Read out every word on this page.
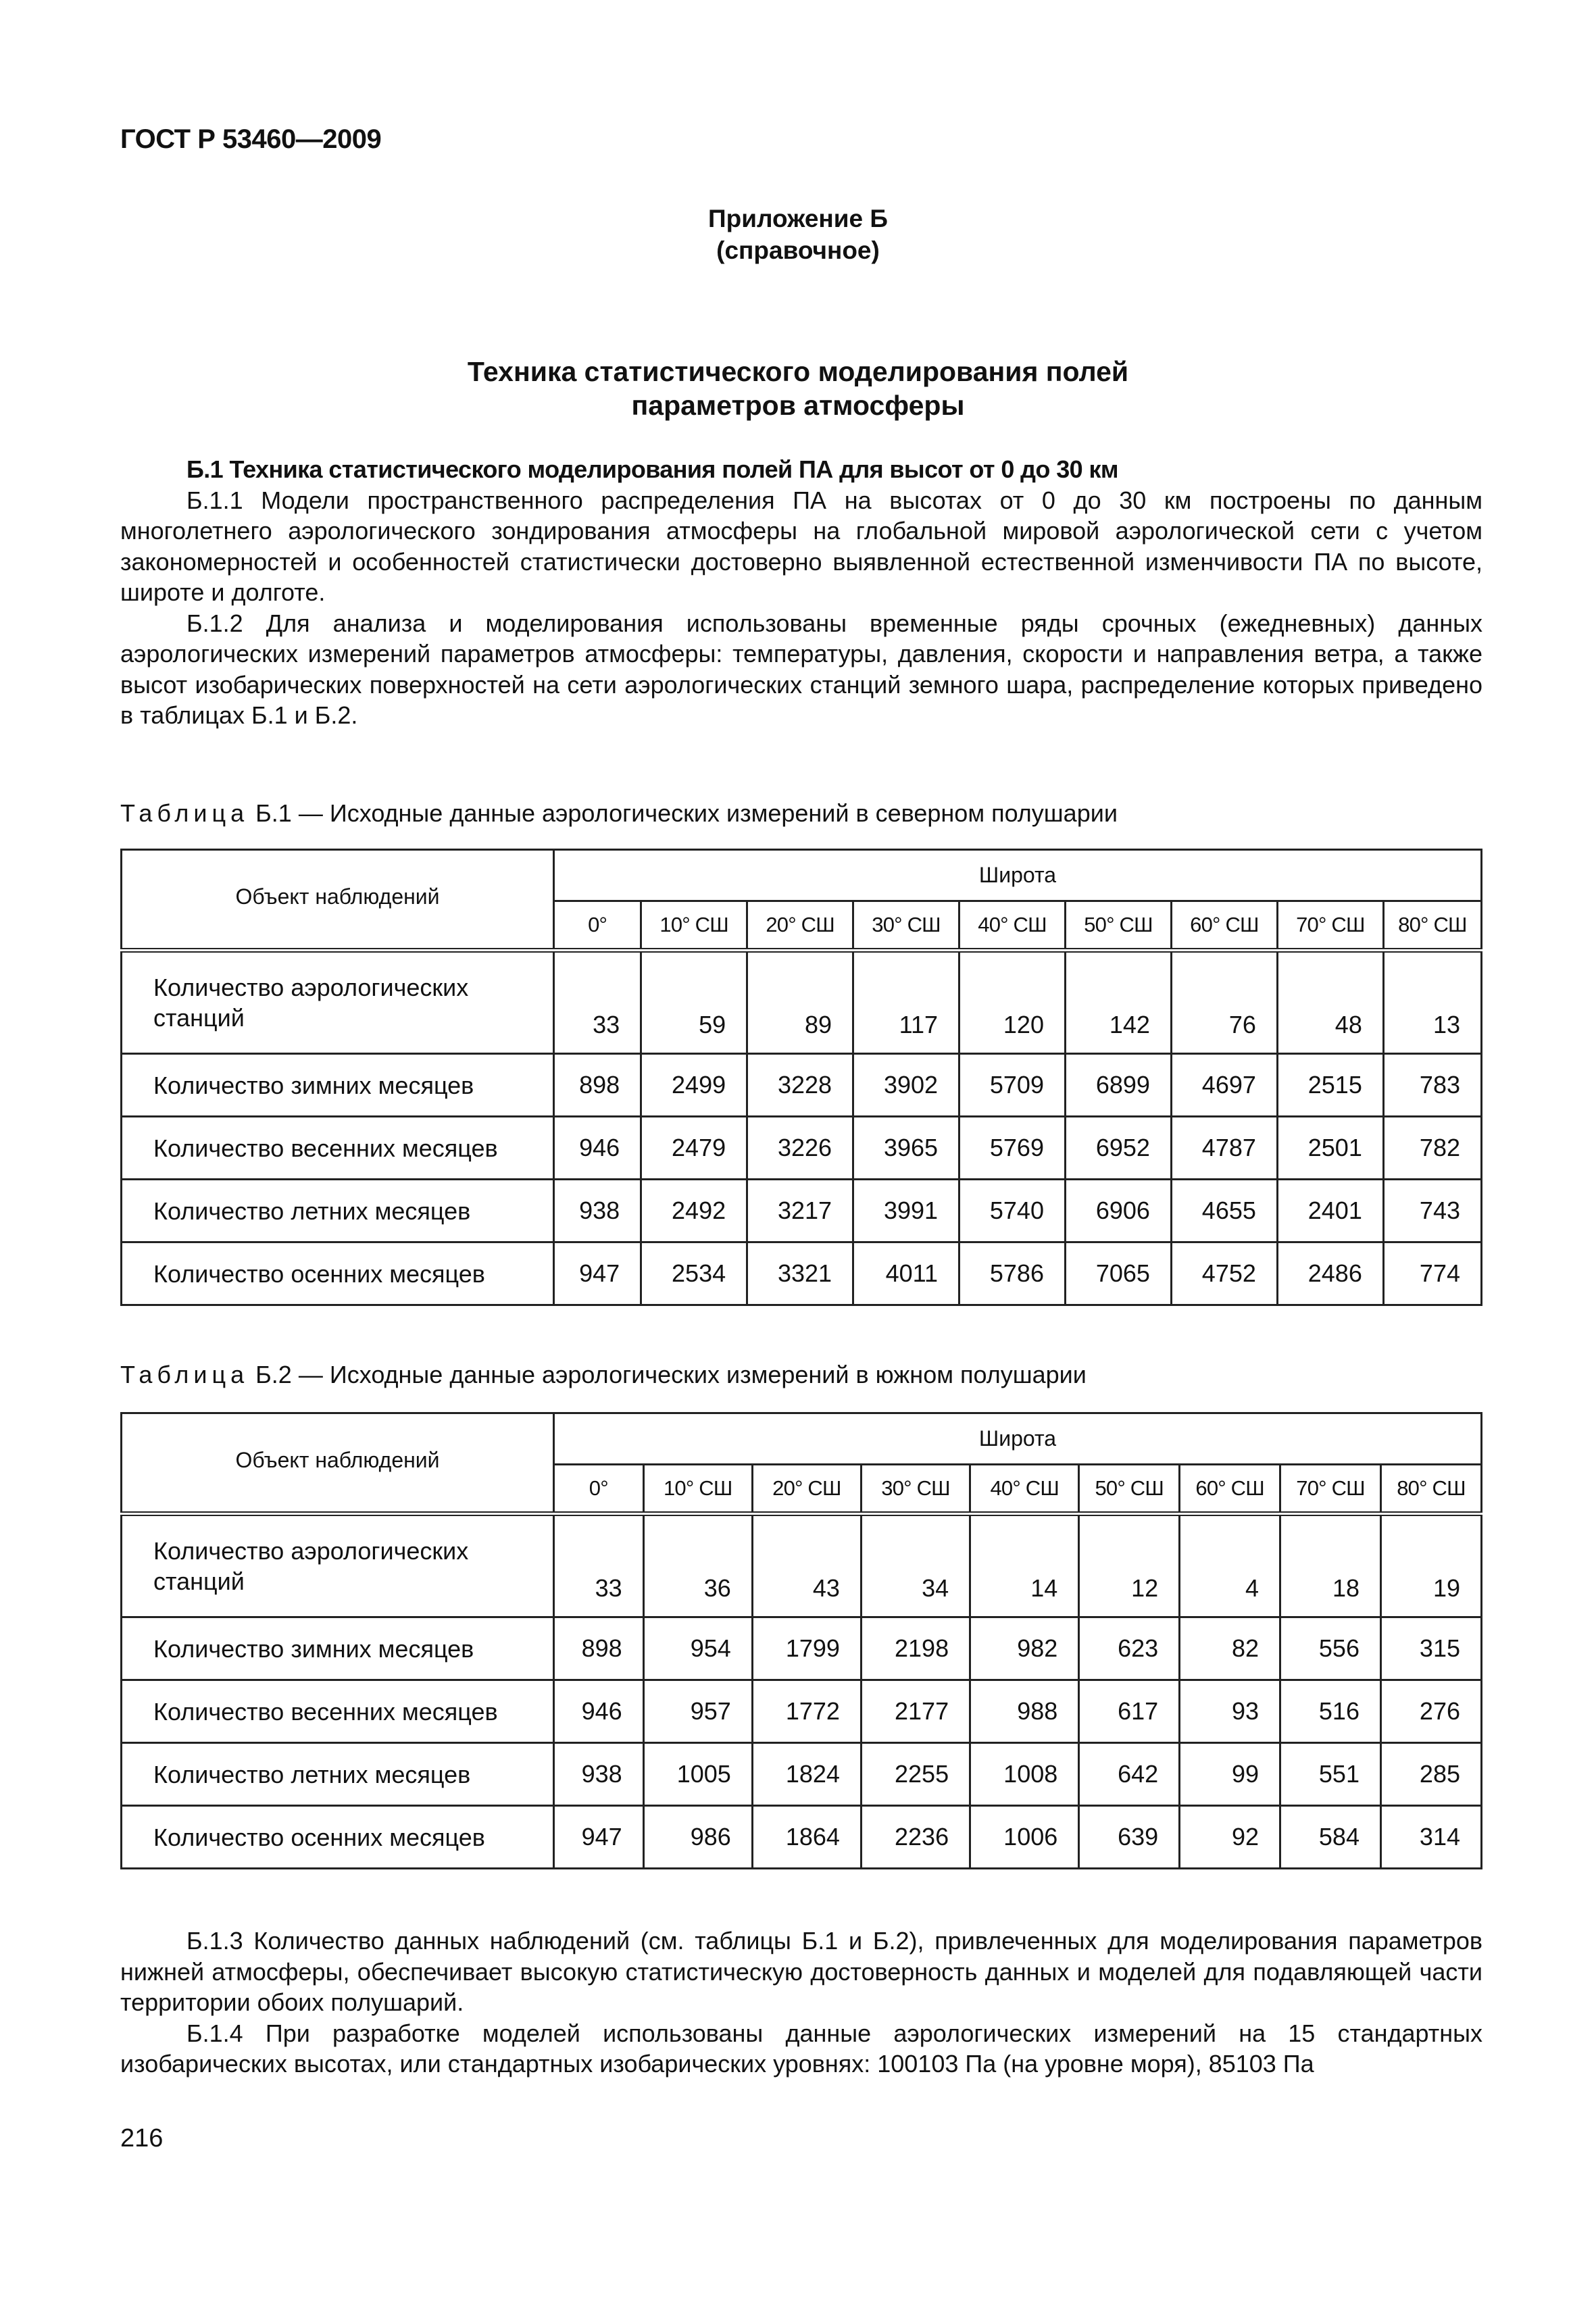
ГОСТ Р 53460—2009
Приложение Б
(справочное)
Техника статистического моделирования полей
параметров атмосферы

Б.1 Техника статистического моделирования полей ПА для высот от 0 до 30 км

Б.1.1 Модели пространственного распределения ПА на высотах от 0 до 30 км построены по данным многолетнего аэрологического зондирования атмосферы на глобальной мировой аэрологической сети с учетом закономерностей и особенностей статистически достоверно выявленной естественной изменчивости ПА по высоте, широте и долготе.

Б.1.2 Для анализа и моделирования использованы временные ряды срочных (ежедневных) данных аэрологических измерений параметров атмосферы: температуры, давления, скорости и направления ветра, а также высот изобарических поверхностей на сети аэрологических станций земного шара, распределение которых приведено в таблицах Б.1 и Б.2.

Таблица Б.1 — Исходные данные аэрологических измерений в северном полушарии
Объект наблюдений	Широта								
	0°	10° СШ	20° СШ	30° СШ	40° СШ	50° СШ	60° СШ	70° СШ	80° СШ
Количество аэрологических
станций	33	59	89	117	120	142	76	48	13
Количество зимних месяцев	898	2499	3228	3902	5709	6899	4697	2515	783
Количество весенних месяцев	946	2479	3226	3965	5769	6952	4787	2501	782
Количество летних месяцев	938	2492	3217	3991	5740	6906	4655	2401	743
Количество осенних месяцев	947	2534	3321	4011	5786	7065	4752	2486	774
Таблица Б.2 — Исходные данные аэрологических измерений в южном полушарии
Объект наблюдений	Широта								
	0°	10° СШ	20° СШ	30° СШ	40° СШ	50° СШ	60° СШ	70° СШ	80° СШ
Количество аэрологических
станций	33	36	43	34	14	12	4	18	19
Количество зимних месяцев	898	954	1799	2198	982	623	82	556	315
Количество весенних месяцев	946	957	1772	2177	988	617	93	516	276
Количество летних месяцев	938	1005	1824	2255	1008	642	99	551	285
Количество осенних месяцев	947	986	1864	2236	1006	639	92	584	314

Б.1.3 Количество данных наблюдений (см. таблицы Б.1 и Б.2), привлеченных для моделирования параметров нижней атмосферы, обеспечивает высокую статистическую достоверность данных и моделей для подавляющей части территории обоих полушарий.

Б.1.4 При разработке моделей использованы данные аэрологических измерений на 15 стандартных изобарических высотах, или стандартных изобарических уровнях: 100103 Па (на уровне моря), 85103 Па

216
